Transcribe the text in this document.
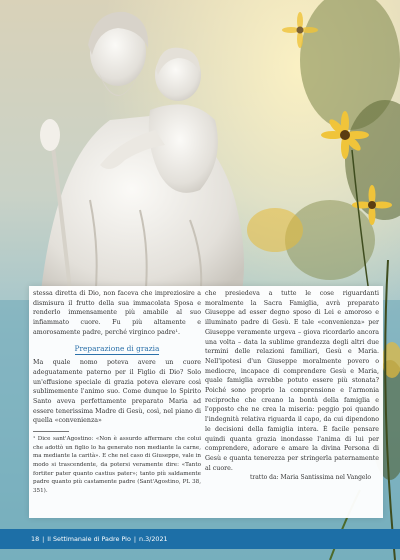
stessa diretta di Dio, non faceva che impreziosire a dismisura il frutto della sua immacolata Sposa e renderlo immensamente più amabile al suo infiammato cuore. Fu più altamente e amorosamente padre, perché virginco padre¹.

Preparazione di grazia

Ma quale nomo poteva avere un cuore adeguatamente paterno per il Figlio di Dio? Solo un'effusione speciale di grazia poteva elevare così sublimemente l'animo suo. Come dunque lo Spirito Santo aveva perfettamente preparato Maria ad essere tenerissima Madre di Gesù, così, nel piano di quella «convenienza»

¹ Dice sant'Agostino: «Non è assurdo affermare che colui che adottò un figlio lo ha generato non mediante la carne, ma mediante la carità». E che nel caso di Giuseppe, vale in modo si trascendente, da potersi veramente dire: «Tanto fortiter pater quanto castius pater»; tanto più saldamente padre quanto più castamente padre (Sant'Agostino, PL 38, 351).

che presiedeva a tutte le cose riguardanti moralmente la Sacra Famiglia, avrà preparato Giuseppe ad esser degno sposo di Lei e amoroso e illuminato padre di Gesù. E tale «convenienza» per Giuseppe veramente urgeva – giova ricordarlo ancora una volta – data la sublime grandezza degli altri due termini delle relazioni familiari, Gesù e Maria. Nell'ipotesi d'un Giuseppe moralmente povero o mediocre, incapace di comprendere Gesù e Maria, quale famiglia avrebbe potuto essere più stonata? Poiché sono proprio la comprensione e l'armonia reciproche che creano la bontà della famiglia e l'opposto che ne crea la miseria: peggio poi quando l'indegnità relativa riguarda il capo, da cui dipendono le decisioni della famiglia intera. È facile pensare quindi quanta grazia inondasse l'anima di lui per comprendere, adorare e amare la divina Persona di Gesù e quanta tenerezza per stringerla paternamente al cuore.

tratto da: Maria Santissima nel Vangelo

18 | Il Settimanale di Padre Pio | n.3/2021
